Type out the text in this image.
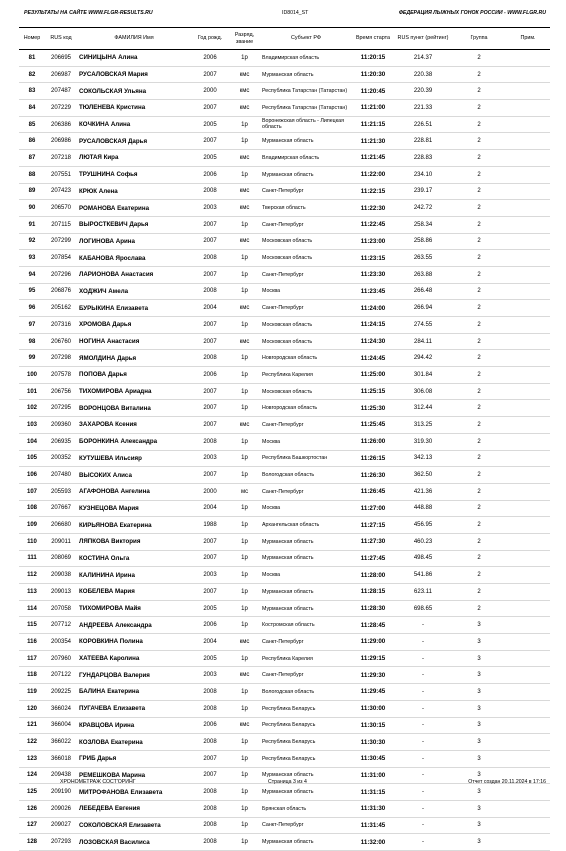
РЕЗУЛЬТАТЫ НА САЙТЕ WWW.FLGR-RESULTS.RU	ID8014_ST	ФЕДЕРАЦИЯ ЛЫЖНЫХ ГОНОК РОССИИ - WWW.FLGR.RU
Номер	RUS код	ФАМИЛИЯ Имя	Год рожд.	Разряд, звание	Субъект РФ	Время старта	RUS пункт (рейтинг)	Группа	Прим.
81	206695	СИНИЦЫНА Алина	2006	1р	Владимирская область	11:20:15	214.37	2	
82	206987	РУСАЛОВСКАЯ Мария	2007	кмс	Мурманская область	11:20:30	220.38	2	
83	207487	СОКОЛЬСКАЯ Ульяна	2000	кмс	Республика Татарстан (Татарстан)	11:20:45	220.39	2	
84	207229	ТЮЛЕНЕВА Кристина	2007	кмс	Республика Татарстан (Татарстан)	11:21:00	221.33	2	
85	206386	КОЧКИНА Алина	2005	1р	Воронежская область - Липецкая область	11:21:15	226.51	2	
86	206986	РУСАЛОВСКАЯ Дарья	2007	1р	Мурманская область	11:21:30	228.81	2	
87	207218	ЛЮТАЯ Кира	2005	кмс	Владимирская область	11:21:45	228.83	2	
88	207551	ТРУШНИНА Софья	2006	1р	Мурманская область	11:22:00	234.10	2	
89	207423	КРЮК Алена	2008	кмс	Санкт-Петербург	11:22:15	239.17	2	
90	206570	РОМАНОВА Екатерина	2003	кмс	Тверская область	11:22:30	242.72	2	
91	207115	ВЫРОСТКЕВИЧ Дарья	2007	1р	Санкт-Петербург	11:22:45	258.34	2	
92	207299	ЛОГИНОВА Арина	2007	кмс	Московская область	11:23:00	258.86	2	
93	207854	КАБАНОВА Ярослава	2008	1р	Московская область	11:23:15	263.55	2	
94	207296	ЛАРИОНОВА Анастасия	2007	1р	Санкт-Петербург	11:23:30	263.88	2	
95	206876	ХОДЖИЧ Амела	2008	1р	Москва	11:23:45	266.48	2	
96	205162	БУРЫКИНА Елизавета	2004	кмс	Санкт-Петербург	11:24:00	266.94	2	
97	207316	ХРОМОВА Дарья	2007	1р	Московская область	11:24:15	274.55	2	
98	206760	НОГИНА Анастасия	2007	кмс	Московская область	11:24:30	284.11	2	
99	207298	ЯМОЛДИНА Дарья	2008	1р	Новгородская область	11:24:45	294.42	2	
100	207578	ПОПОВА Дарья	2006	1р	Республика Карелия	11:25:00	301.84	2	
101	206756	ТИХОМИРОВА Ариадна	2007	1р	Московская область	11:25:15	306.08	2	
102	207295	ВОРОНЦОВА Виталина	2007	1р	Новгородская область	11:25:30	312.44	2	
103	209360	ЗАХАРОВА Ксения	2007	кмс	Санкт-Петербург	11:25:45	313.25	2	
104	206935	БОРОНКИНА Александра	2008	1р	Москва	11:26:00	319.30	2	
105	200352	КУТУШЕВА Ильсияр	2003	1р	Республика Башкортостан	11:26:15	342.13	2	
106	207480	ВЫСОКИХ Алиса	2007	1р	Вологодская область	11:26:30	362.50	2	
107	205593	АГАФОНОВА Ангелина	2000	мс	Санкт-Петербург	11:26:45	421.36	2	
108	207667	КУЗНЕЦОВА Мария	2004	1р	Москва	11:27:00	448.88	2	
109	206680	КИРЬЯНОВА Екатерина	1988	1р	Архангельская область	11:27:15	456.95	2	
110	209011	ЛЯПКОВА Виктория	2007	1р	Мурманская область	11:27:30	460.23	2	
111	208069	КОСТИНА Ольга	2007	1р	Мурманская область	11:27:45	498.45	2	
112	209038	КАЛИНИНА Ирина	2003	1р	Москва	11:28:00	541.86	2	
113	209013	КОБЕЛЕВА Мария	2007	1р	Мурманская область	11:28:15	623.11	2	
114	207058	ТИХОМИРОВА Майя	2005	1р	Мурманская область	11:28:30	698.65	2	
115	207712	АНДРЕЕВА Александра	2006	1р	Костромская область	11:28:45	-	3	
116	200354	КОРОВКИНА Полина	2004	кмс	Санкт-Петербург	11:29:00	-	3	
117	207960	ХАТЕЕВА Каролина	2005	1р	Республика Карелия	11:29:15	-	3	
118	207122	ГУНДАРЦОВА Валерия	2003	кмс	Санкт-Петербург	11:29:30	-	3	
119	209225	БАЛИНА Екатерина	2008	1р	Вологодская область	11:29:45	-	3	
120	366024	ПУГАЧЕВА Елизавета	2008	1р	Республика Беларусь	11:30:00	-	3	
121	366004	КРАВЦОВА Ирина	2006	кмс	Республика Беларусь	11:30:15	-	3	
122	366022	КОЗЛОВА Екатерина	2008	1р	Республика Беларусь	11:30:30	-	3	
123	366018	ГРИБ Дарья	2007	1р	Республика Беларусь	11:30:45	-	3	
124	209438	РЕМЕШКОВА Марина	2007	1р	Мурманская область	11:31:00	-	3	
125	209190	МИТРОФАНОВА Елизавета	2008	1р	Мурманская область	11:31:15	-	3	
126	209026	ЛЕБЕДЕВА Евгения	2008	1р	Брянская область	11:31:30	-	3	
127	209027	СОКОЛОВСКАЯ Елизавета	2008	1р	Санкт-Петербург	11:31:45	-	3	
128	207293	ЛОЗОВСКАЯ Василиса	2008	1р	Мурманская область	11:32:00	-	3	
ХРОНОМЕТРАЖ СОСТ'ОРИНГ	Страница 3 из 4	Отчет создан 20.11.2024 в 17:16
